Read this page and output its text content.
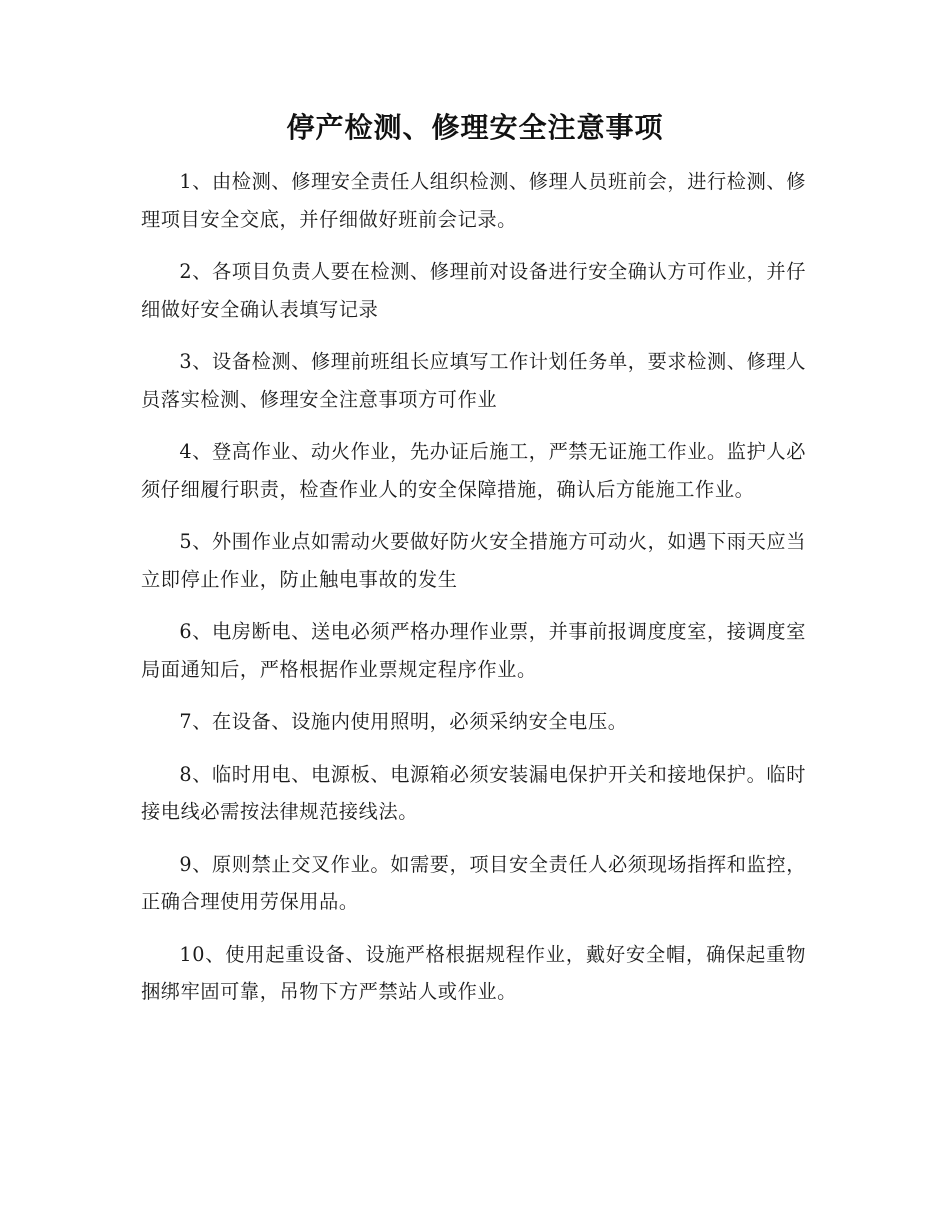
停产检测、修理安全注意事项

1、由检测、修理安全责任人组织检测、修理人员班前会，进行检测、修理项目安全交底，并仔细做好班前会记录。

2、各项目负责人要在检测、修理前对设备进行安全确认方可作业，并仔细做好安全确认表填写记录

3、设备检测、修理前班组长应填写工作计划任务单，要求检测、修理人员落实检测、修理安全注意事项方可作业

4、登高作业、动火作业，先办证后施工，严禁无证施工作业。监护人必须仔细履行职责，检查作业人的安全保障措施，确认后方能施工作业。

5、外围作业点如需动火要做好防火安全措施方可动火，如遇下雨天应当立即停止作业，防止触电事故的发生

6、电房断电、送电必须严格办理作业票，并事前报调度度室，接调度室局面通知后，严格根据作业票规定程序作业。

7、在设备、设施内使用照明，必须采纳安全电压。

8、临时用电、电源板、电源箱必须安装漏电保护开关和接地保护。临时接电线必需按法律规范接线法。

9、原则禁止交叉作业。如需要，项目安全责任人必须现场指挥和监控，正确合理使用劳保用品。

10、使用起重设备、设施严格根据规程作业，戴好安全帽，确保起重物捆绑牢固可靠，吊物下方严禁站人或作业。
